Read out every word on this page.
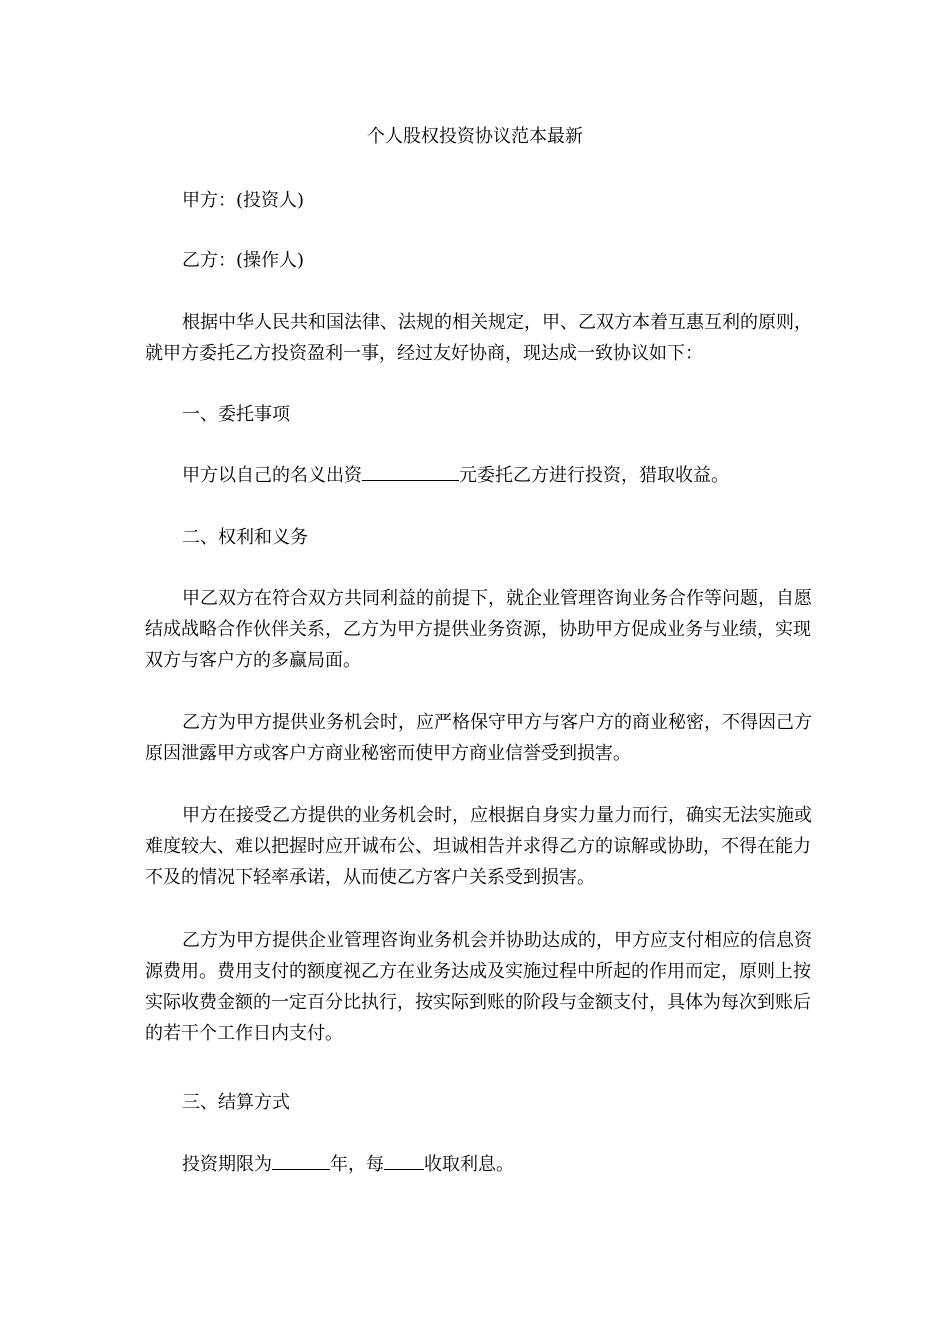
个人股权投资协议范本最新

甲方：(投资人)

乙方：(操作人)

根据中华人民共和国法律、法规的相关规定，甲、乙双方本着互惠互利的原则，就甲方委托乙方投资盈利一事，经过友好协商，现达成一致协议如下：

一、委托事项

甲方以自己的名义出资	元委托乙方进行投资，猎取收益。

二、权利和义务

甲乙双方在符合双方共同利益的前提下，就企业管理咨询业务合作等问题，自愿结成战略合作伙伴关系，乙方为甲方提供业务资源，协助甲方促成业务与业绩，实现双方与客户方的多赢局面。

乙方为甲方提供业务机会时，应严格保守甲方与客户方的商业秘密，不得因己方原因泄露甲方或客户方商业秘密而使甲方商业信誉受到损害。

甲方在接受乙方提供的业务机会时，应根据自身实力量力而行，确实无法实施或难度较大、难以把握时应开诚布公、坦诚相告并求得乙方的谅解或协助，不得在能力不及的情况下轻率承诺，从而使乙方客户关系受到损害。

乙方为甲方提供企业管理咨询业务机会并协助达成的，甲方应支付相应的信息资源费用。费用支付的额度视乙方在业务达成及实施过程中所起的作用而定，原则上按实际收费金额的一定百分比执行，按实际到账的阶段与金额支付，具体为每次到账后的若干个工作日内支付。

三、结算方式

投资期限为	年，每 收取利息。
